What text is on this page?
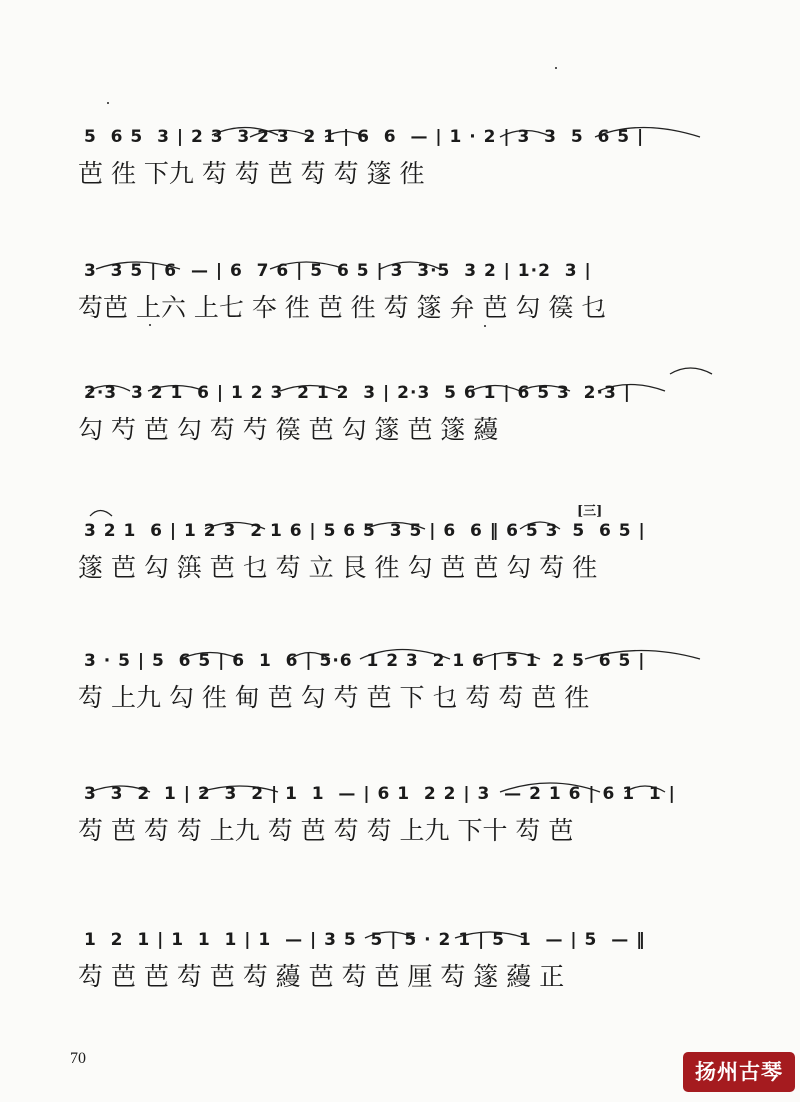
5  6 5  3 | 2 3  3 2 3  2 1 | 6  6  — | 1 · 2 | 3  3  5  6 5 |
芭 徃 下九 芶 芶 芭 芶 芶 篴 徃
3  3 5 | 6  — | 6  7 6 | 5  6 5 | 3  3·5  3 2 | 1·2  3 |
芶芭 上六 上七 夲 徃 芭 徃 芶 篴 弁 芭 勾 篌 乜
2·3  3 2 1  6 | 1 2 3  2 1 2  3 | 2·3  5 6 1 | 6 5 3  2·3 |
勾 芍 芭 勾 芶 芍 篌 芭 勾 篴 芭 篴 蘰
[三]
3 2 1  6 | 1 2 3  2 1 6 | 5 6 5  3 5 | 6  6 ‖ 6 5 3  5  6 5 |
篴 芭 勾 篊 芭 乜 芶 立 艮 徃 勾 芭 芭 勾 芶 徃
3 · 5 | 5  6 5 | 6  1  6 | 5·6  1 2 3  2 1 6 | 5 1  2 5  6 5 |
芶 上九 勾 徃 甸 芭 勾 芍 芭 下 乜 芶 芶 芭 徃
3  3  2  1 | 2  3  2 | 1  1  — | 6 1  2 2 | 3  — 2 1 6 | 6 1  1 |
芶 芭 芶 芶 上九 芶 芭 芶 芶 上九 下十 芶 芭
1  2  1 | 1  1  1 | 1  — | 3 5  5 | 5 · 2 1 | 5  1  — | 5  — ‖
芶 芭 芭 芶 芭 芶 蘰 芭 芶 芭 厘 芶 篴 蘰 正
70
扬州古琴
